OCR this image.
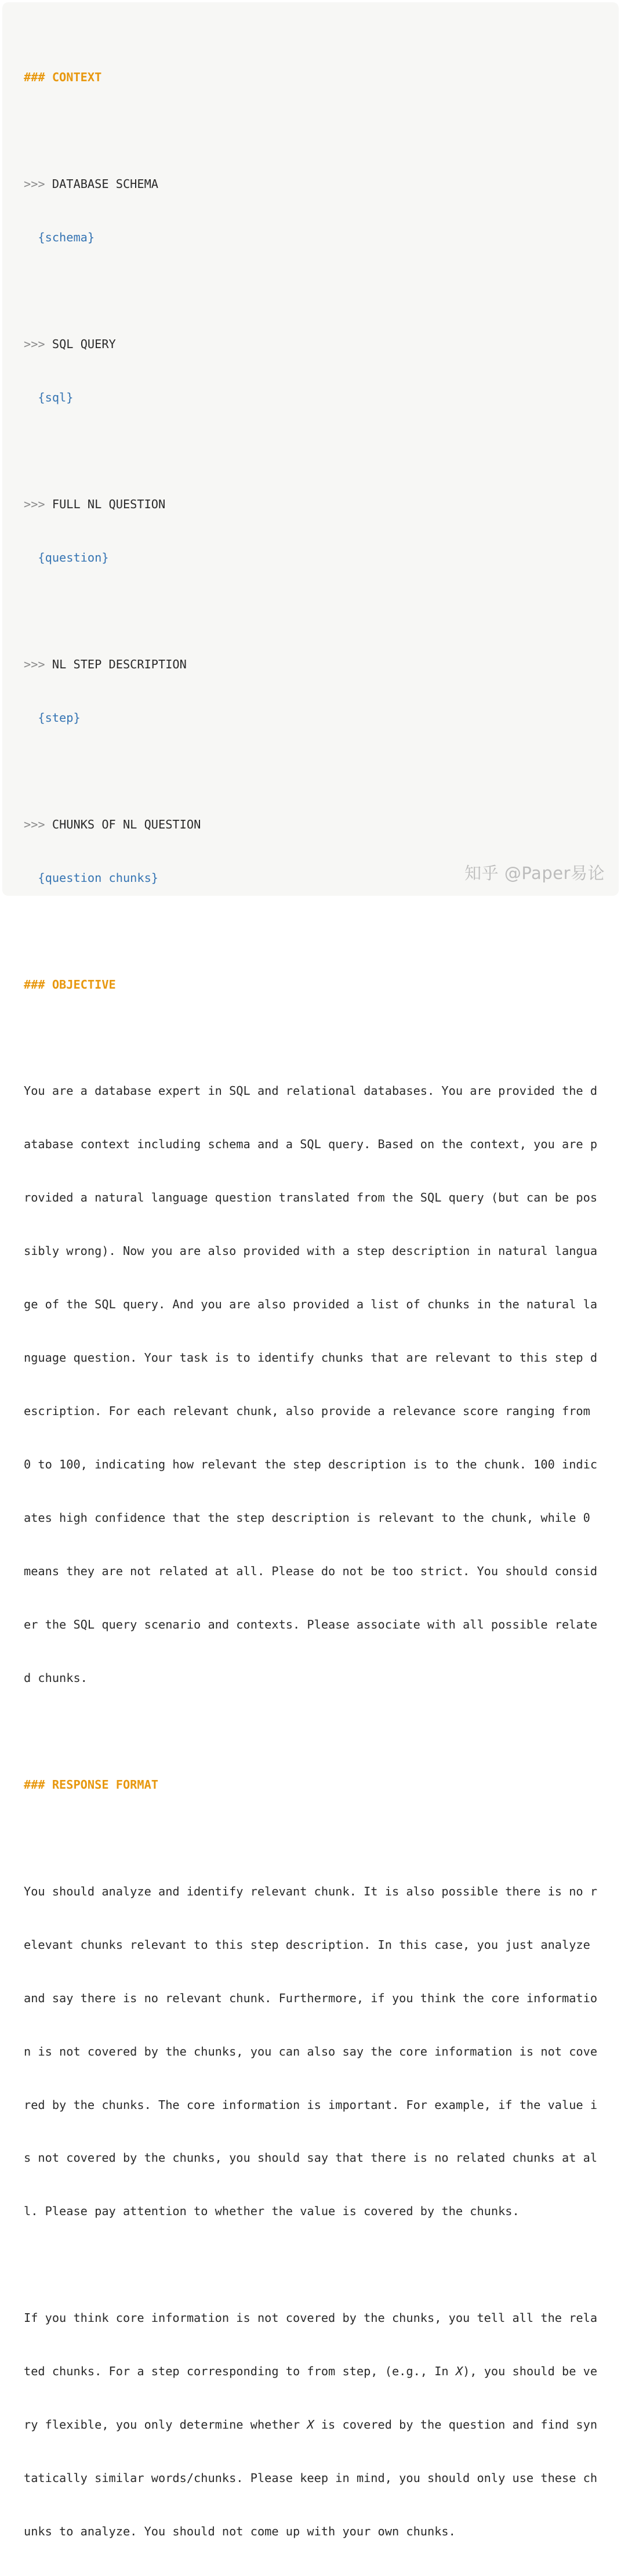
### CONTEXT

>>> DATABASE SCHEMA

{schema}

>>> SQL QUERY

{sql}

>>> FULL NL QUESTION

{question}

>>> NL STEP DESCRIPTION

{step}

>>> CHUNKS OF NL QUESTION

{question chunks}

### OBJECTIVE

You are a database expert in SQL and relational databases. You are provided the d

atabase context including schema and a SQL query. Based on the context, you are p

rovided a natural language question translated from the SQL query (but can be pos

sibly wrong). Now you are also provided with a step description in natural langua

ge of the SQL query. And you are also provided a list of chunks in the natural la

nguage question. Your task is to identify chunks that are relevant to this step d

escription. For each relevant chunk, also provide a relevance score ranging from

0 to 100, indicating how relevant the step description is to the chunk. 100 indic

ates high confidence that the step description is relevant to the chunk, while 0

means they are not related at all. Please do not be too strict. You should consid

er the SQL query scenario and contexts. Please associate with all possible relate

d chunks.

### RESPONSE FORMAT

You should analyze and identify relevant chunk. It is also possible there is no r

elevant chunks relevant to this step description. In this case, you just analyze

and say there is no relevant chunk. Furthermore, if you think the core informatio

n is not covered by the chunks, you can also say the core information is not cove

red by the chunks. The core information is important. For example, if the value i

s not covered by the chunks, you should say that there is no related chunks at al

l. Please pay attention to whether the value is covered by the chunks.

If you think core information is not covered by the chunks, you tell all the rela

ted chunks. For a step corresponding to from step, (e.g., In X), you should be ve

ry flexible, you only determine whether X is covered by the question and find syn

tatically similar words/chunks. Please keep in mind, you should only use these ch

unks to analyze. You should not come up with your own chunks.

知乎 @Paper易论
